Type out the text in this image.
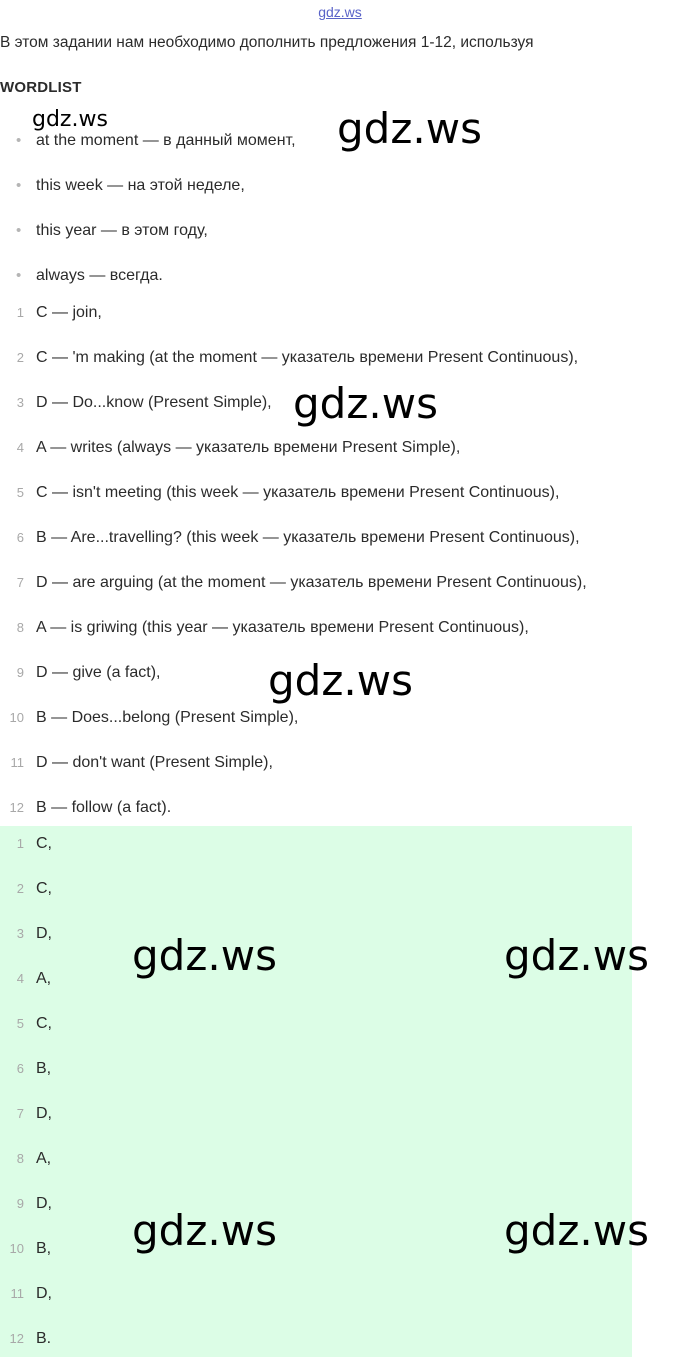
gdz.ws
В этом задании нам необходимо дополнить предложения 1-12, используя
WORDLIST
• at the moment — в данный момент,
• this week — на этой неделе,
• this year — в этом году,
• always — всегда.
1 C — join,
2 C — 'm making (at the moment — указатель времени Present Continuous),
3 D — Do...know (Present Simple),
4 A — writes (always — указатель времени Present Simple),
5 C — isn't meeting (this week — указатель времени Present Continuous),
6 B — Are...travelling? (this week — указатель времени Present Continuous),
7 D — are arguing (at the moment — указатель времени Present Continuous),
8 A — is griwing (this year — указатель времени Present Continuous),
9 D — give (a fact),
10 B — Does...belong (Present Simple),
11 D — don't want (Present Simple),
12 B — follow (a fact).
1 C,
2 C,
3 D,
4 A,
5 C,
6 B,
7 D,
8 A,
9 D,
10 B,
11 D,
12 B.
gdz.ws	gdz.ws
gdz.ws
gdz.ws
gdz.ws	gdz.ws
gdz.ws	gdz.ws
